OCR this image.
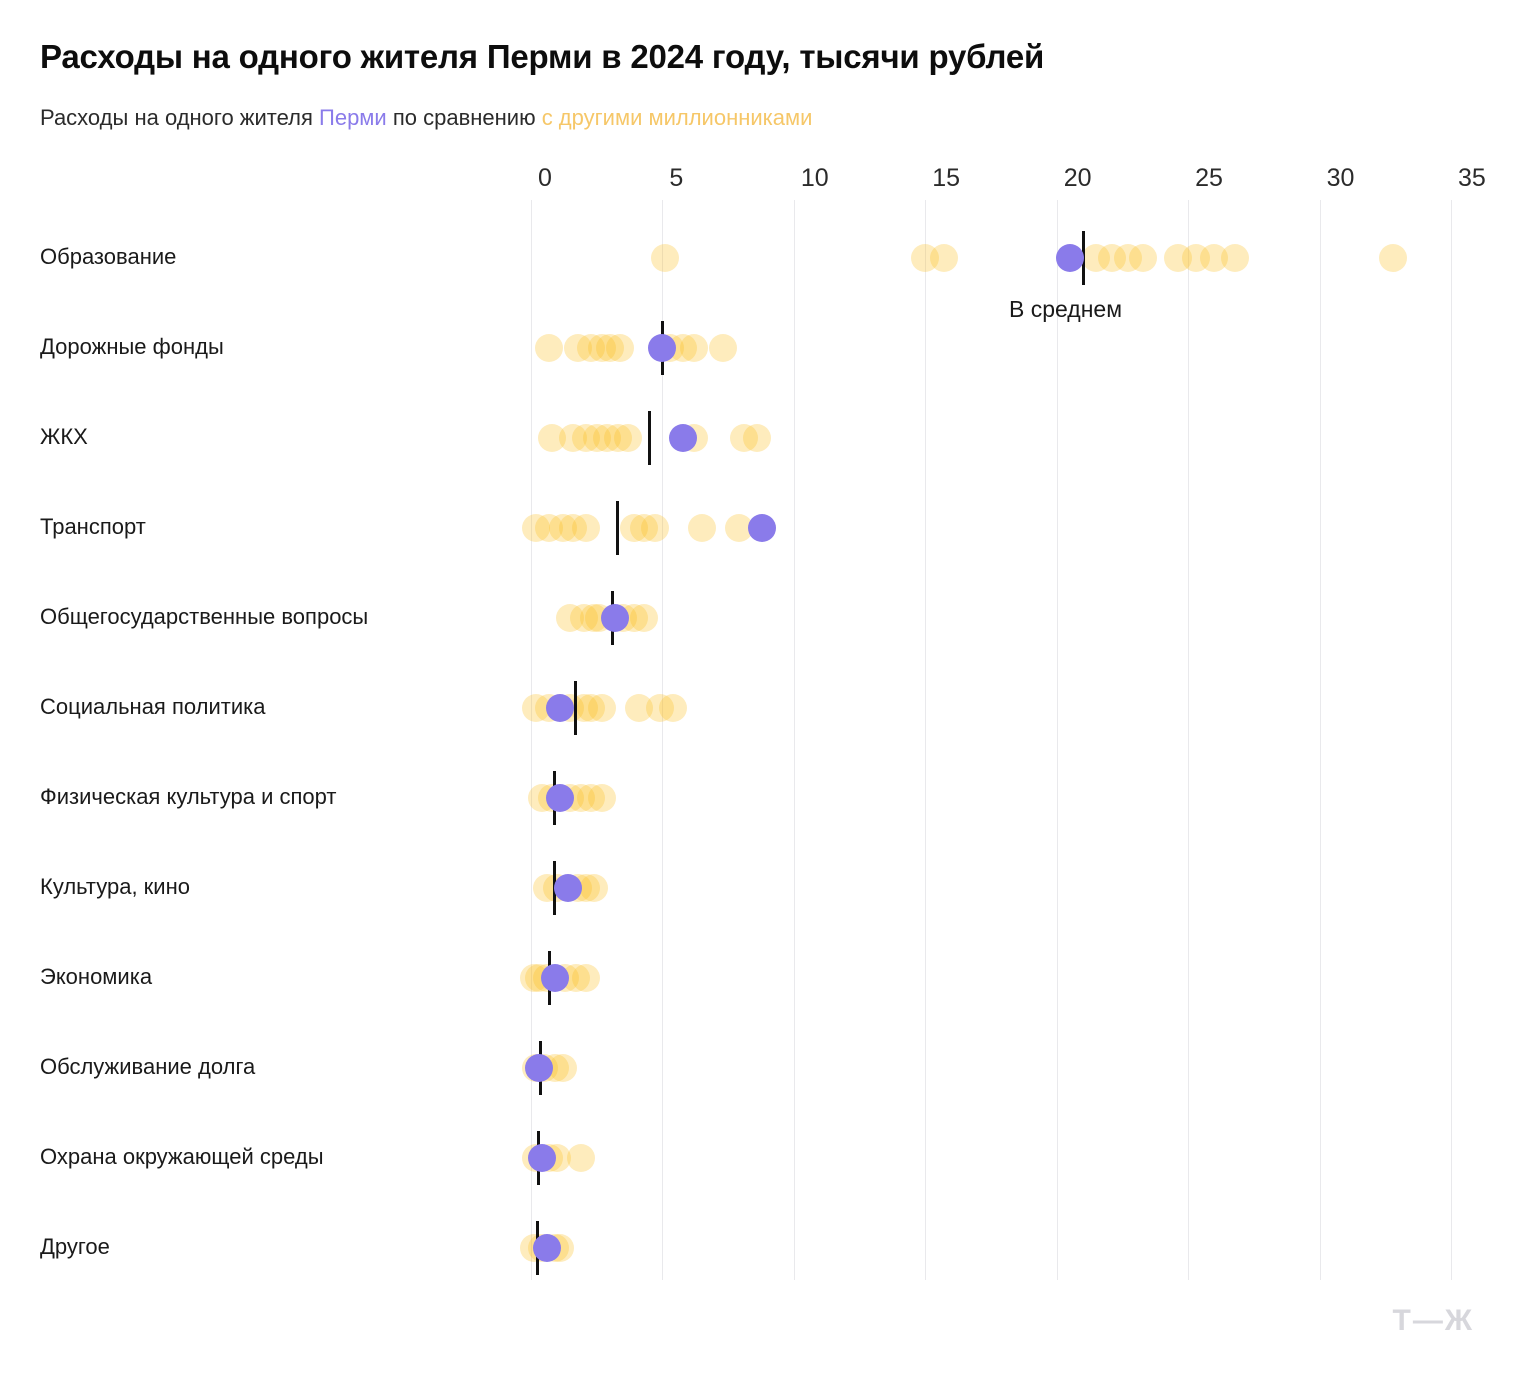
Расходы на одного жителя Перми в 2024 году, тысячи рублей
Расходы на одного жителя Перми по сравнению с другими миллионниками
0	5	10	15	20	25	30	35
Образование
Дорожные фонды
ЖКХ
Транспорт
Общегосударственные вопросы
Социальная политика
Физическая культура и спорт
Культура, кино
Экономика
Обслуживание долга
Охрана окружающей среды
Другое
В среднем
Т—Ж
